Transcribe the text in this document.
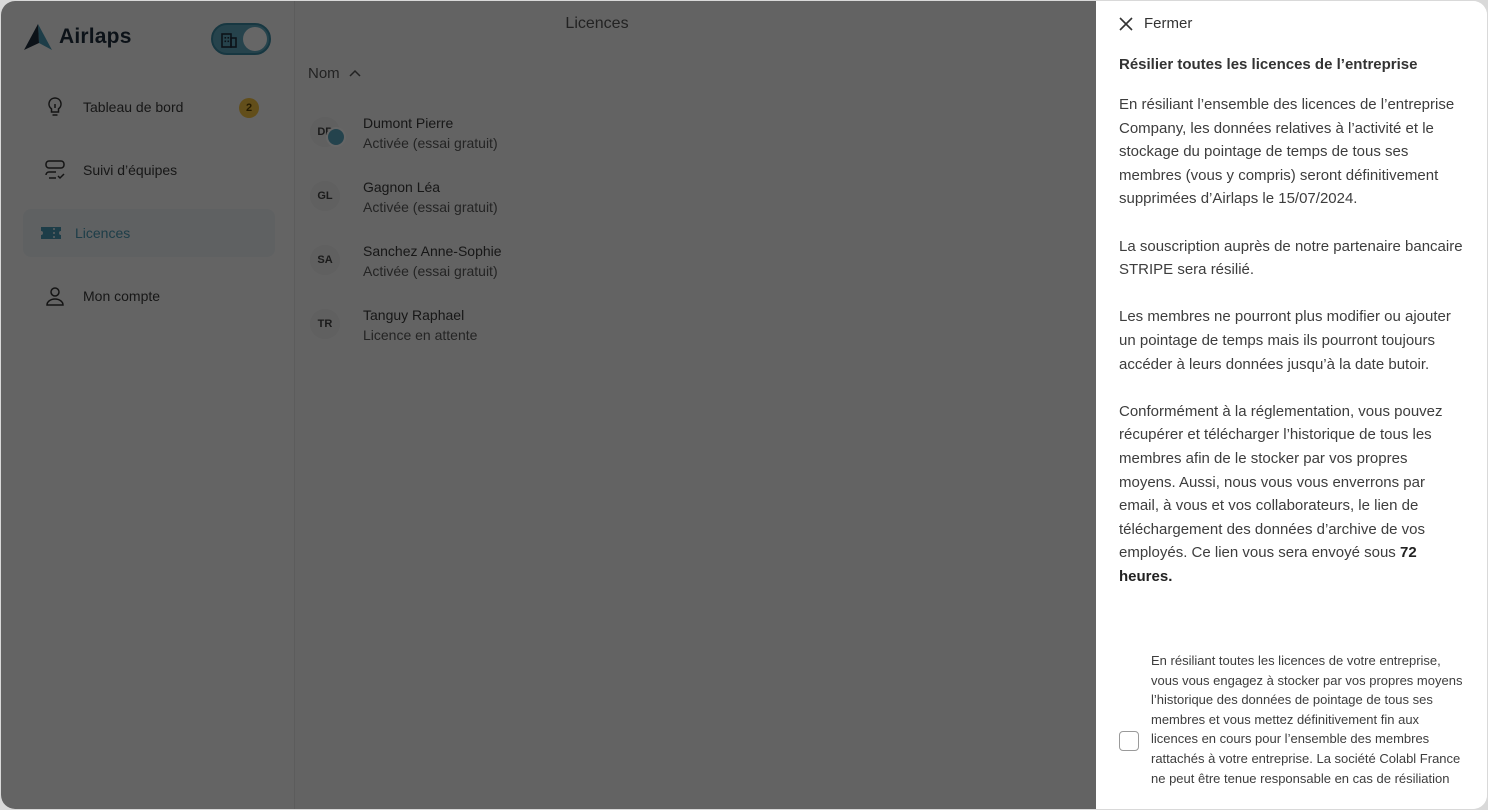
Fermer
Résilier toutes les licences de l’entreprise

En résiliant l’ensemble des licences de l’entreprise Company, les données relatives à l’activité et le stockage du pointage de temps de tous ses membres (vous y compris) seront définitivement supprimées d’Airlaps le 15/07/2024.

La souscription auprès de notre partenaire bancaire STRIPE sera résilié.

Les membres ne pourront plus modifier ou ajouter un pointage de temps mais ils pourront toujours accéder à leurs données jusqu’à la date butoir.

Conformément à la réglementation, vous pouvez récupérer et télécharger l’historique de tous les membres afin de le stocker par vos propres moyens. Aussi, nous vous vous enverrons par email, à vous et vos collaborateurs, le lien de téléchargement des données d’archive de vos employés. Ce lien vous sera envoyé sous 72 heures.

En résiliant toutes les licences de votre entreprise, vous vous engagez à stocker par vos propres moyens l’historique des données de pointage de tous ses membres et vous mettez définitivement fin aux licences en cours pour l’ensemble des membres rattachés à votre entreprise. La société Colabl France ne peut être tenue responsable en cas de résiliation
